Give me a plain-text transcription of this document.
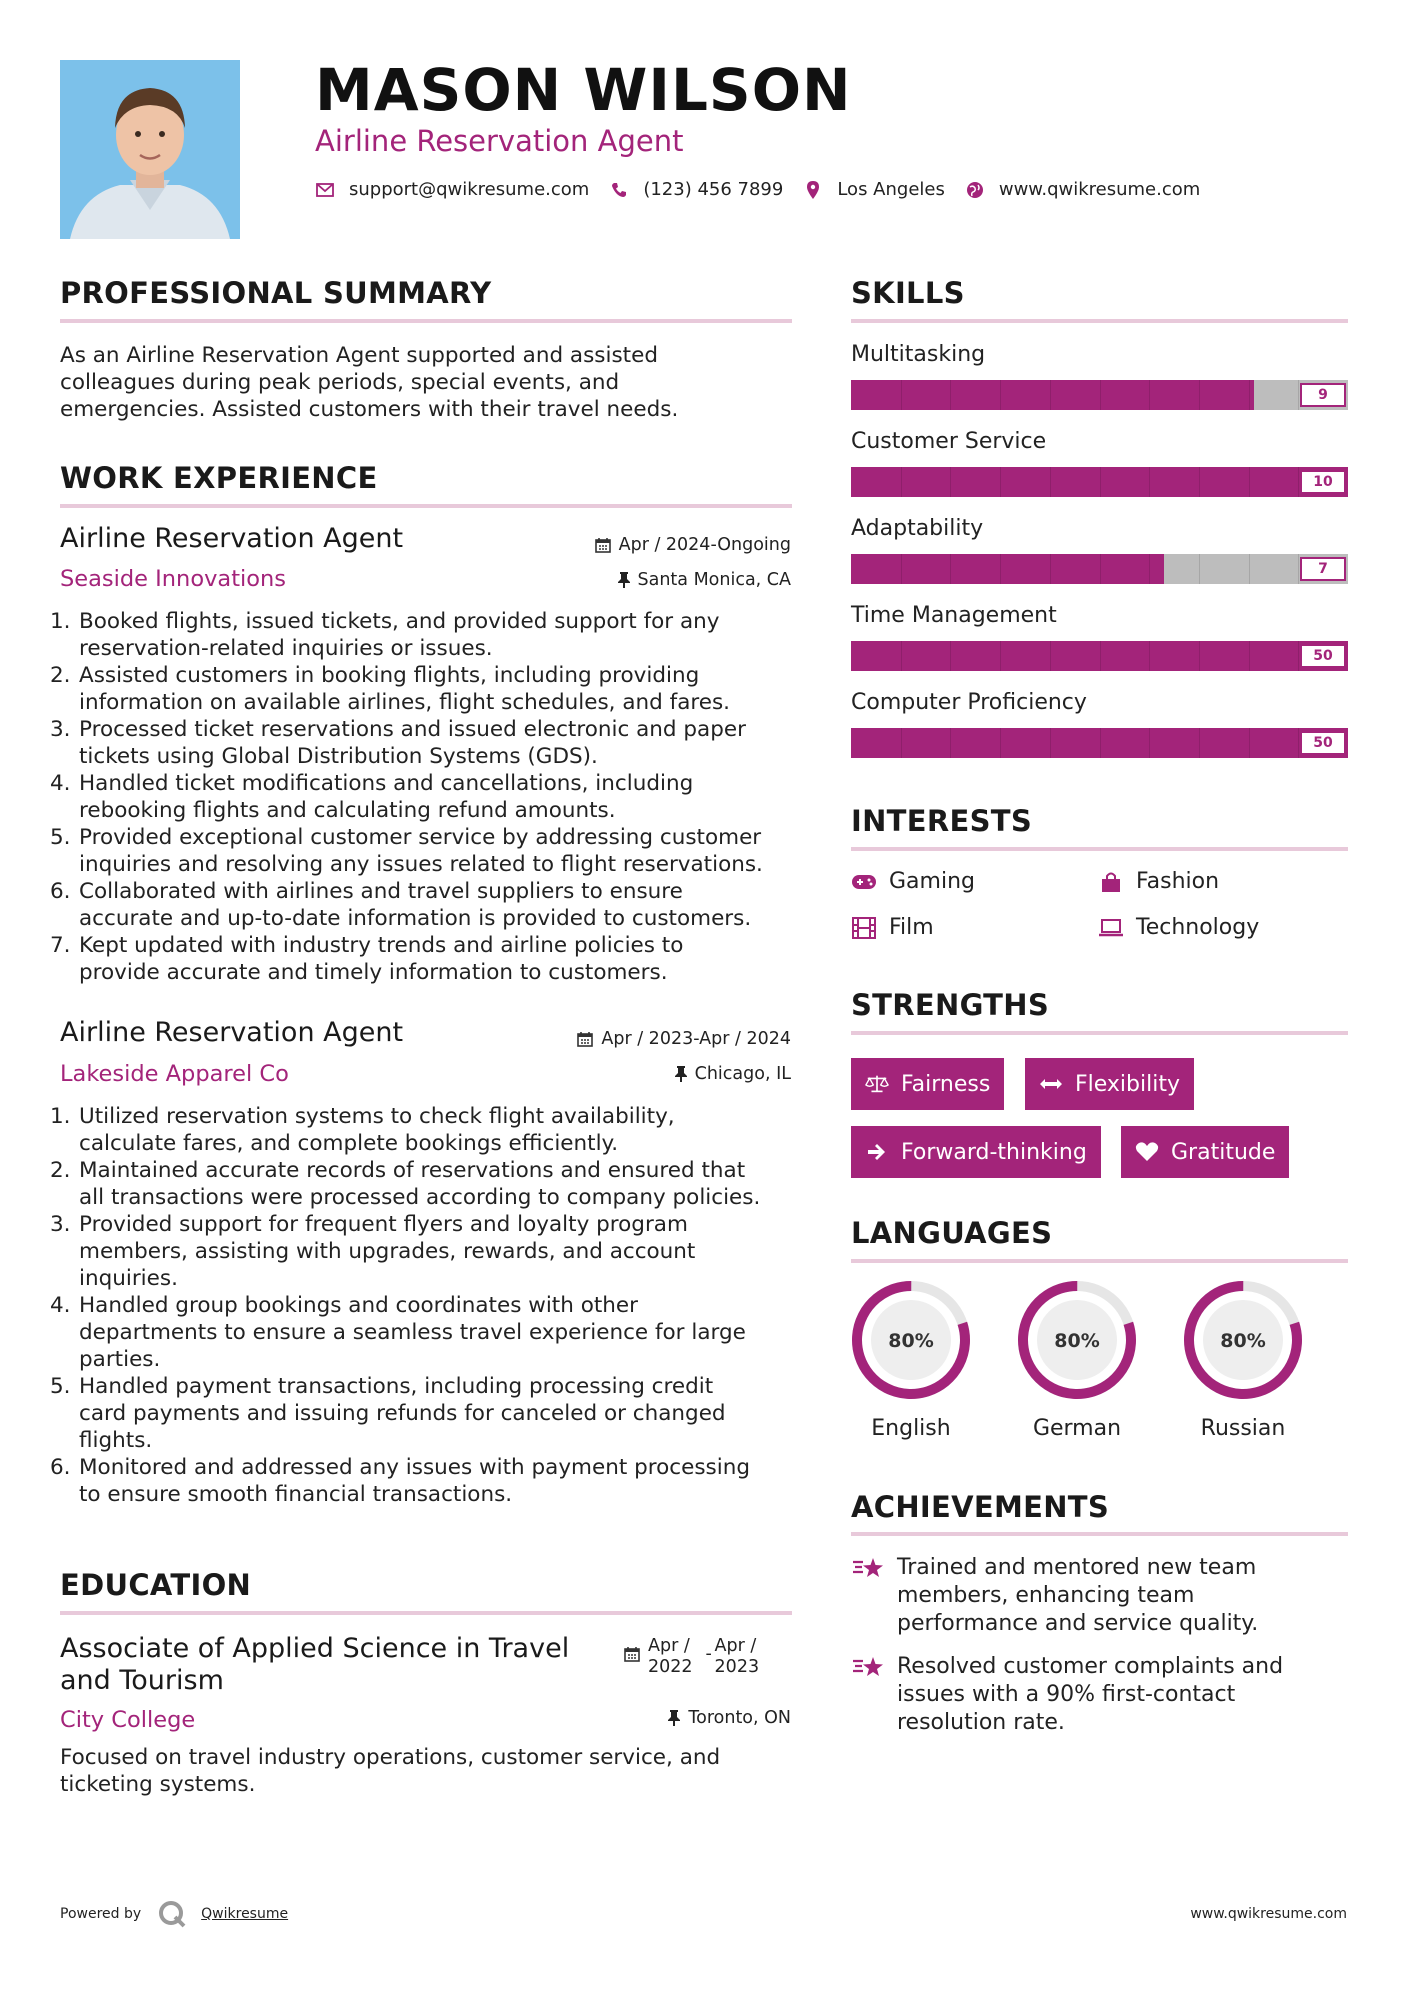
MASON WILSON
Airline Reservation Agent
support@qwikresume.com	(123) 456 7899	Los Angeles	www.qwikresume.com
PROFESSIONAL SUMMARY
As an Airline Reservation Agent supported and assisted
colleagues during peak periods, special events, and
emergencies. Assisted customers with their travel needs.
WORK EXPERIENCE
Airline Reservation Agent	Apr / 2024-Ongoing
Seaside Innovations	Santa Monica, CA
1. Booked flights, issued tickets, and provided support for any
reservation-related inquiries or issues.
2. Assisted customers in booking flights, including providing
information on available airlines, flight schedules, and fares.
3. Processed ticket reservations and issued electronic and paper
tickets using Global Distribution Systems (GDS).
4. Handled ticket modifications and cancellations, including
rebooking flights and calculating refund amounts.
5. Provided exceptional customer service by addressing customer
inquiries and resolving any issues related to flight reservations.
6. Collaborated with airlines and travel suppliers to ensure
accurate and up-to-date information is provided to customers.
7. Kept updated with industry trends and airline policies to
provide accurate and timely information to customers.
Airline Reservation Agent	Apr / 2023-Apr / 2024
Lakeside Apparel Co	Chicago, IL
1. Utilized reservation systems to check flight availability,
calculate fares, and complete bookings efficiently.
2. Maintained accurate records of reservations and ensured that
all transactions were processed according to company policies.
3. Provided support for frequent flyers and loyalty program
members, assisting with upgrades, rewards, and account
inquiries.
4. Handled group bookings and coordinates with other
departments to ensure a seamless travel experience for large
parties.
5. Handled payment transactions, including processing credit
card payments and issuing refunds for canceled or changed
flights.
6. Monitored and addressed any issues with payment processing
to ensure smooth financial transactions.
EDUCATION
Associate of Applied Science in Travel
and Tourism
Apr /
2022
- Apr /
2023
City College	Toronto, ON
Focused on travel industry operations, customer service, and
ticketing systems.
SKILLS
Multitasking
9
Customer Service
10
Adaptability
7
Time Management
50
Computer Proficiency
50
INTERESTS
Gaming	Fashion
Film	Technology
STRENGTHS
Fairness	Flexibility
Forward-thinking	Gratitude
LANGUAGES
80%
English
80%
German
80%
Russian
ACHIEVEMENTS
Trained and mentored new team
members, enhancing team
performance and service quality.
Resolved customer complaints and
issues with a 90% first-contact
resolution rate.
Powered by	Qwikresume	www.qwikresume.com
